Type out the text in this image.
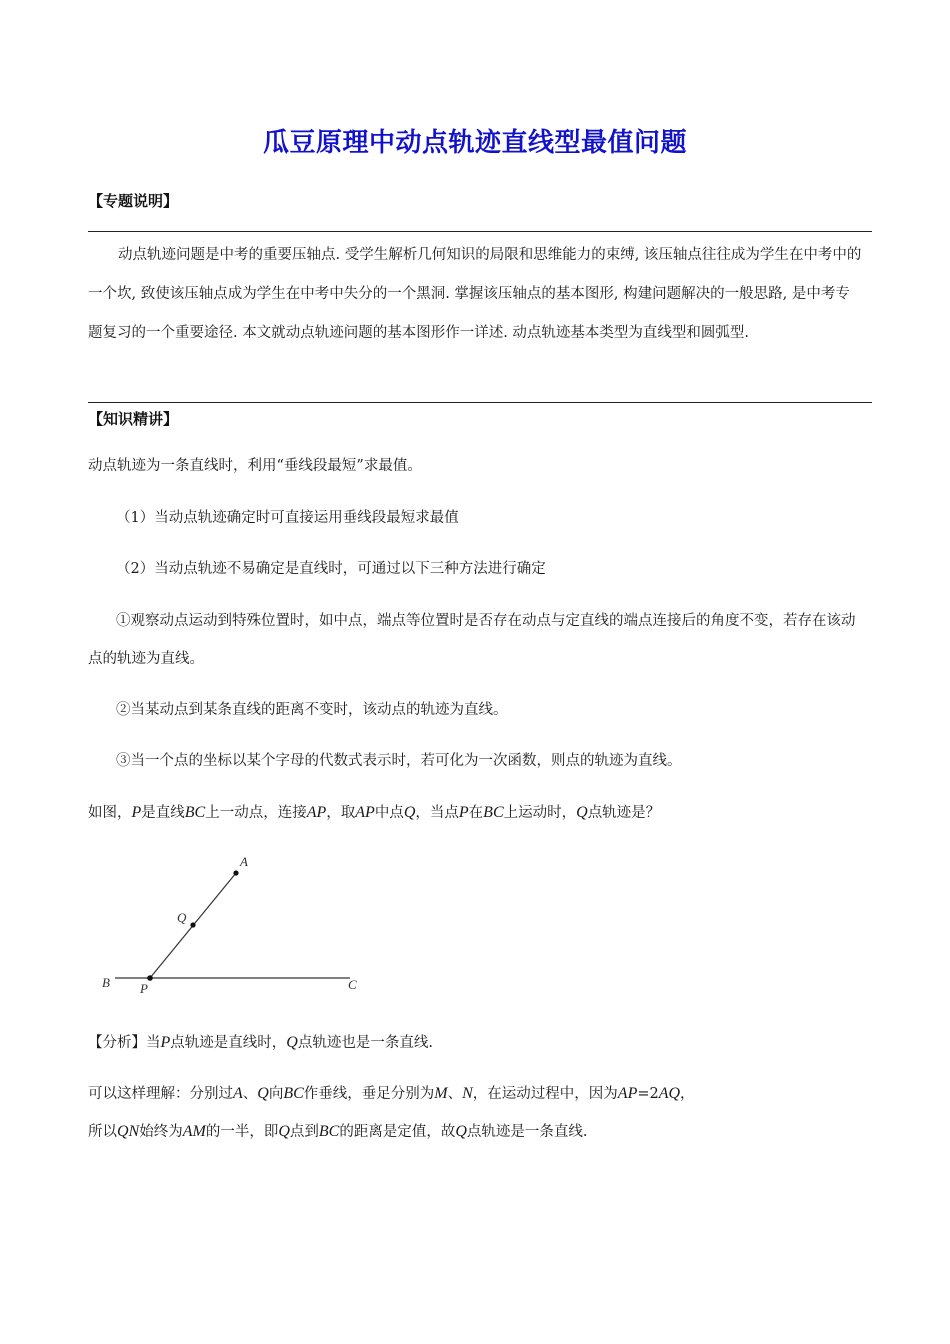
瓜豆原理中动点轨迹直线型最值问题
【专题说明】

动点轨迹问题是中考的重要压轴点. 受学生解析几何知识的局限和思维能力的束缚, 该压轴点往往成为学生在中考中的一个坎, 致使该压轴点成为学生在中考中失分的一个黑洞. 掌握该压轴点的基本图形, 构建问题解决的一般思路, 是中考专题复习的一个重要途径. 本文就动点轨迹问题的基本图形作一详述. 动点轨迹基本类型为直线型和圆弧型.

【知识精讲】

动点轨迹为一条直线时，利用“垂线段最短”求最值。

（1）当动点轨迹确定时可直接运用垂线段最短求最值

（2）当动点轨迹不易确定是直线时，可通过以下三种方法进行确定

①观察动点运动到特殊位置时，如中点，端点等位置时是否存在动点与定直线的端点连接后的角度不变，若存在该动点的轨迹为直线。

②当某动点到某条直线的距离不变时，该动点的轨迹为直线。

③当一个点的坐标以某个字母的代数式表示时，若可化为一次函数，则点的轨迹为直线。

如图，P是直线BC上一动点，连接AP，取AP中点Q，当点P在BC上运动时，Q点轨迹是？

A
Q
B P	C

【分析】当P点轨迹是直线时，Q点轨迹也是一条直线.

可以这样理解：分别过A、Q向BC作垂线，垂足分别为M、N，在运动过程中，因为AP=2AQ，

所以QN始终为AM的一半，即Q点到BC的距离是定值，故Q点轨迹是一条直线.
